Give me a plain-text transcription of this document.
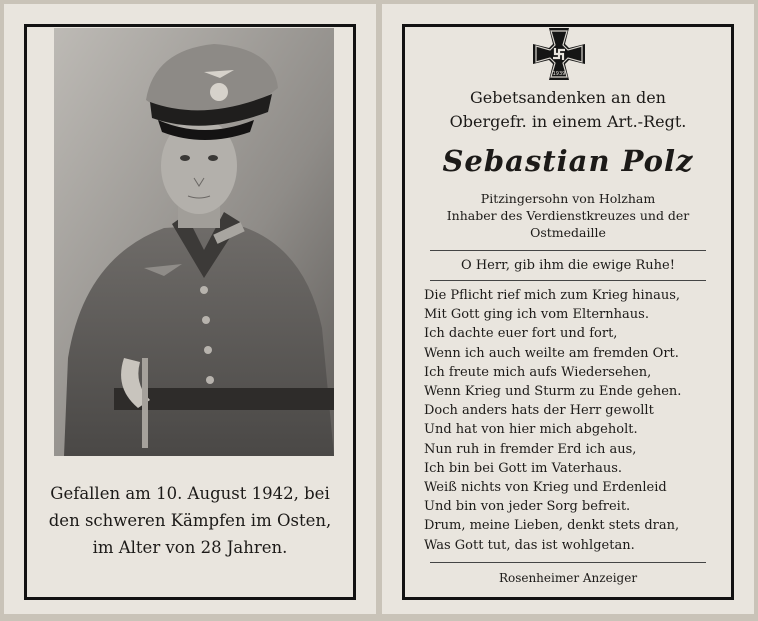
Gefallen am 10. August 1942, bei
den schweren Kämpfen im Osten,
im Alter von 28 Jahren.
1939
Gebetsandenken an den
Obergefr. in einem Art.-Regt.
Sebastian Polz
Pitzingersohn von Holzham
Inhaber des Verdienstkreuzes und der
Ostmedaille
O Herr, gib ihm die ewige Ruhe!
Die Pflicht rief mich zum Krieg hinaus,
Mit Gott ging ich vom Elternhaus.
Ich dachte euer fort und fort,
Wenn ich auch weilte am fremden Ort.
Ich freute mich aufs Wiedersehen,
Wenn Krieg und Sturm zu Ende gehen.
Doch anders hats der Herr gewollt
Und hat von hier mich abgeholt.
Nun ruh in fremder Erd ich aus,
Ich bin bei Gott im Vaterhaus.
Weiß nichts von Krieg und Erdenleid
Und bin von jeder Sorg befreit.
Drum, meine Lieben, denkt stets dran,
Was Gott tut, das ist wohlgetan.
Rosenheimer Anzeiger
